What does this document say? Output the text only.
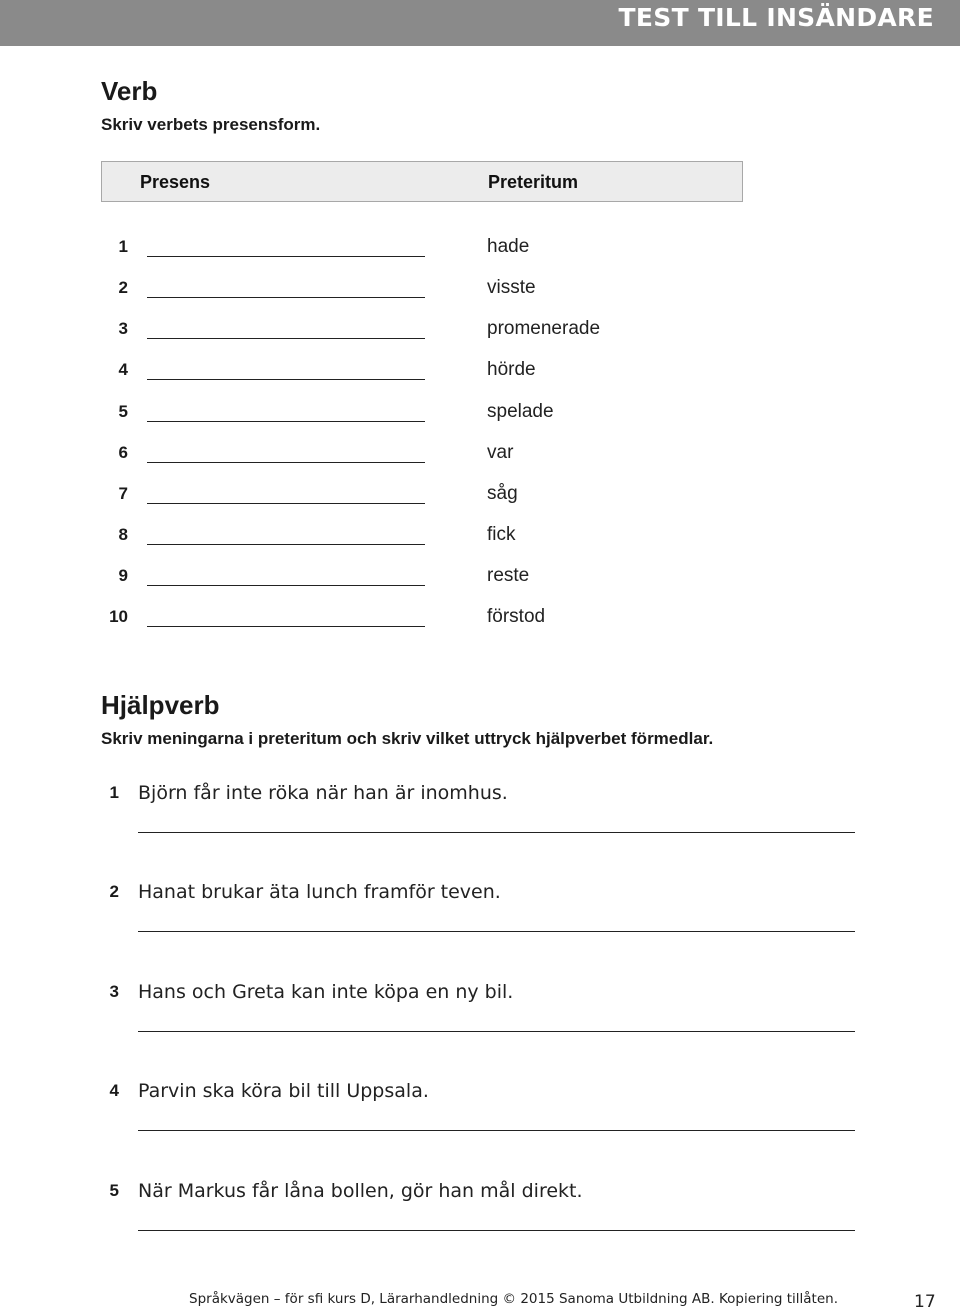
TEST TILL INSÄNDARE
Verb
Skriv verbets presensform.
Presens	Preteritum
1	hade
2	visste
3	promenerade
4	hörde
5	spelade
6	var
7	såg
8	fick
9	reste
10	förstod
Hjälpverb
Skriv meningarna i preteritum och skriv vilket uttryck hjälpverbet förmedlar.
1 Björn får inte röka när han är inomhus.
2 Hanat brukar äta lunch framför teven.
3 Hans och Greta kan inte köpa en ny bil.
4 Parvin ska köra bil till Uppsala.
5 När Markus får låna bollen, gör han mål direkt.
Språkvägen – för sfi kurs D, Lärarhandledning © 2015 Sanoma Utbildning AB. Kopiering tillåten.	17
